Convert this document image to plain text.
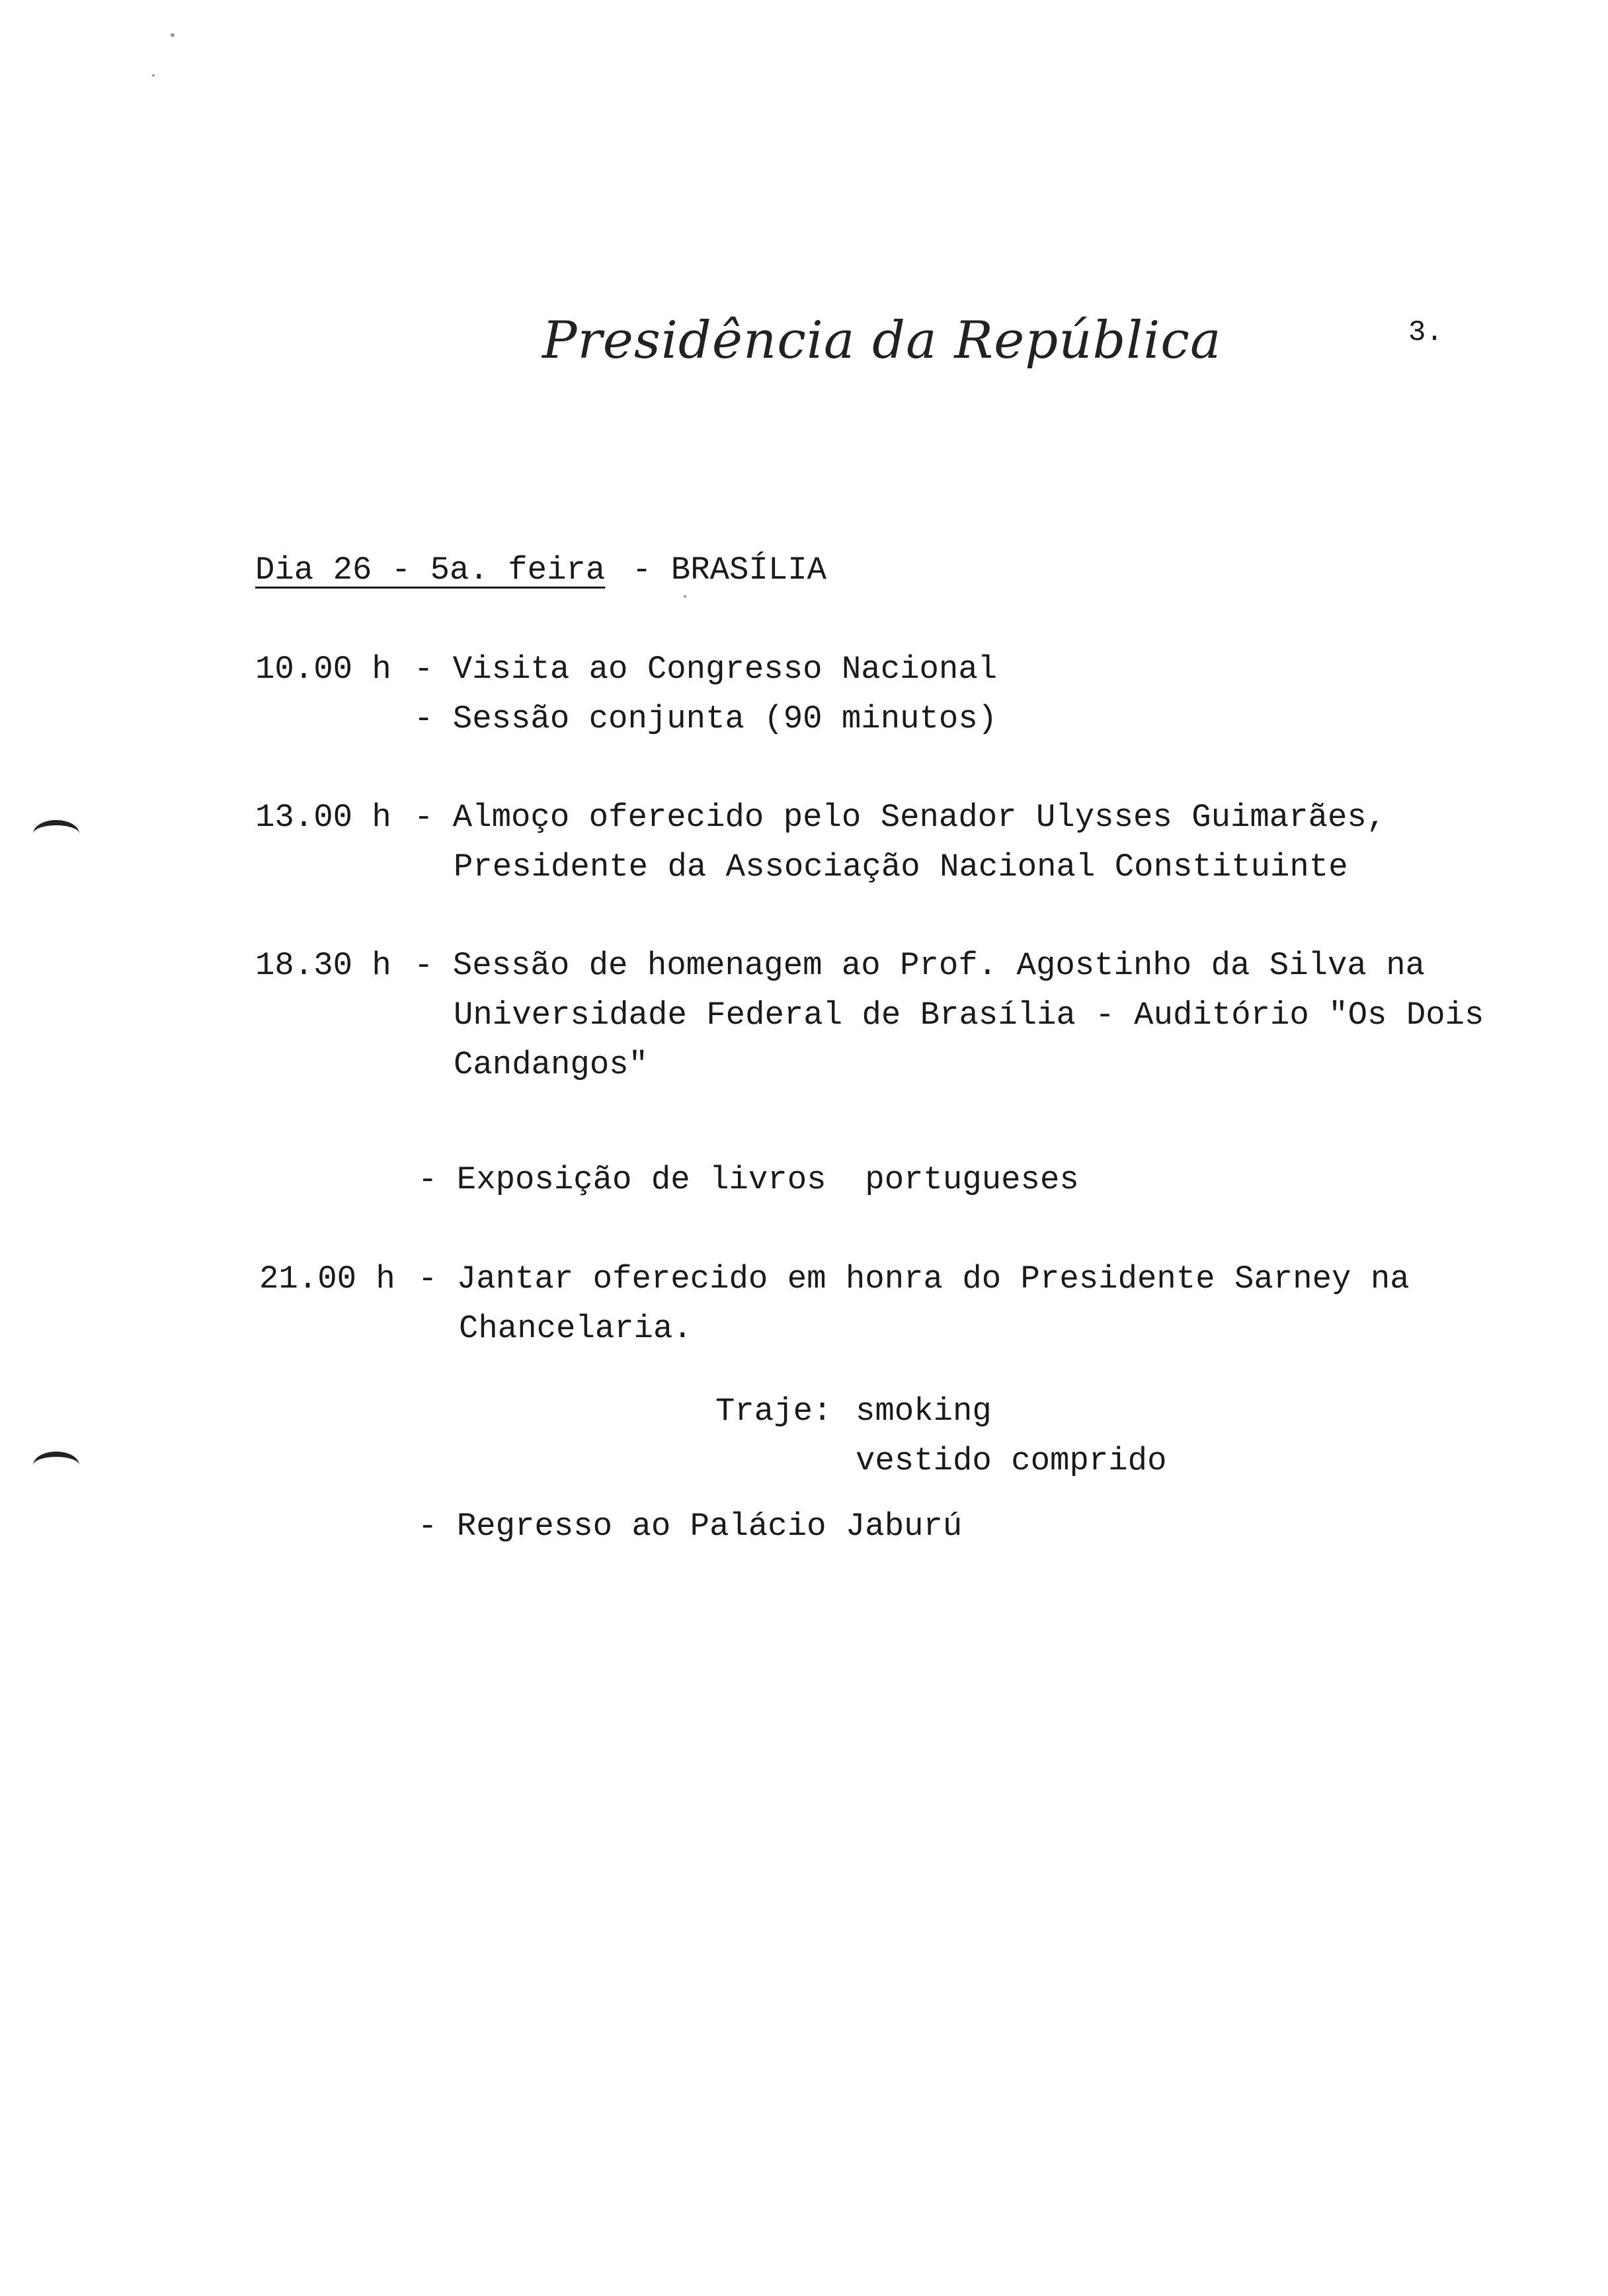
Presidência da República	3.
Dia 26 - 5a. feira - BRASÍLIA
10.00 h - Visita ao Congresso Nacional
- Sessão conjunta (90 minutos)
13.00 h - Almoço oferecido pelo Senador Ulysses Guimarães,
Presidente da Associação Nacional Constituinte
18.30 h - Sessão de homenagem ao Prof. Agostinho da Silva na
Universidade Federal de Brasília - Auditório "Os Dois
Candangos"
- Exposição de livros  portugueses
21.00 h - Jantar oferecido em honra do Presidente Sarney na
Chancelaria.
Traje: smoking
vestido comprido
- Regresso ao Palácio Jaburú
